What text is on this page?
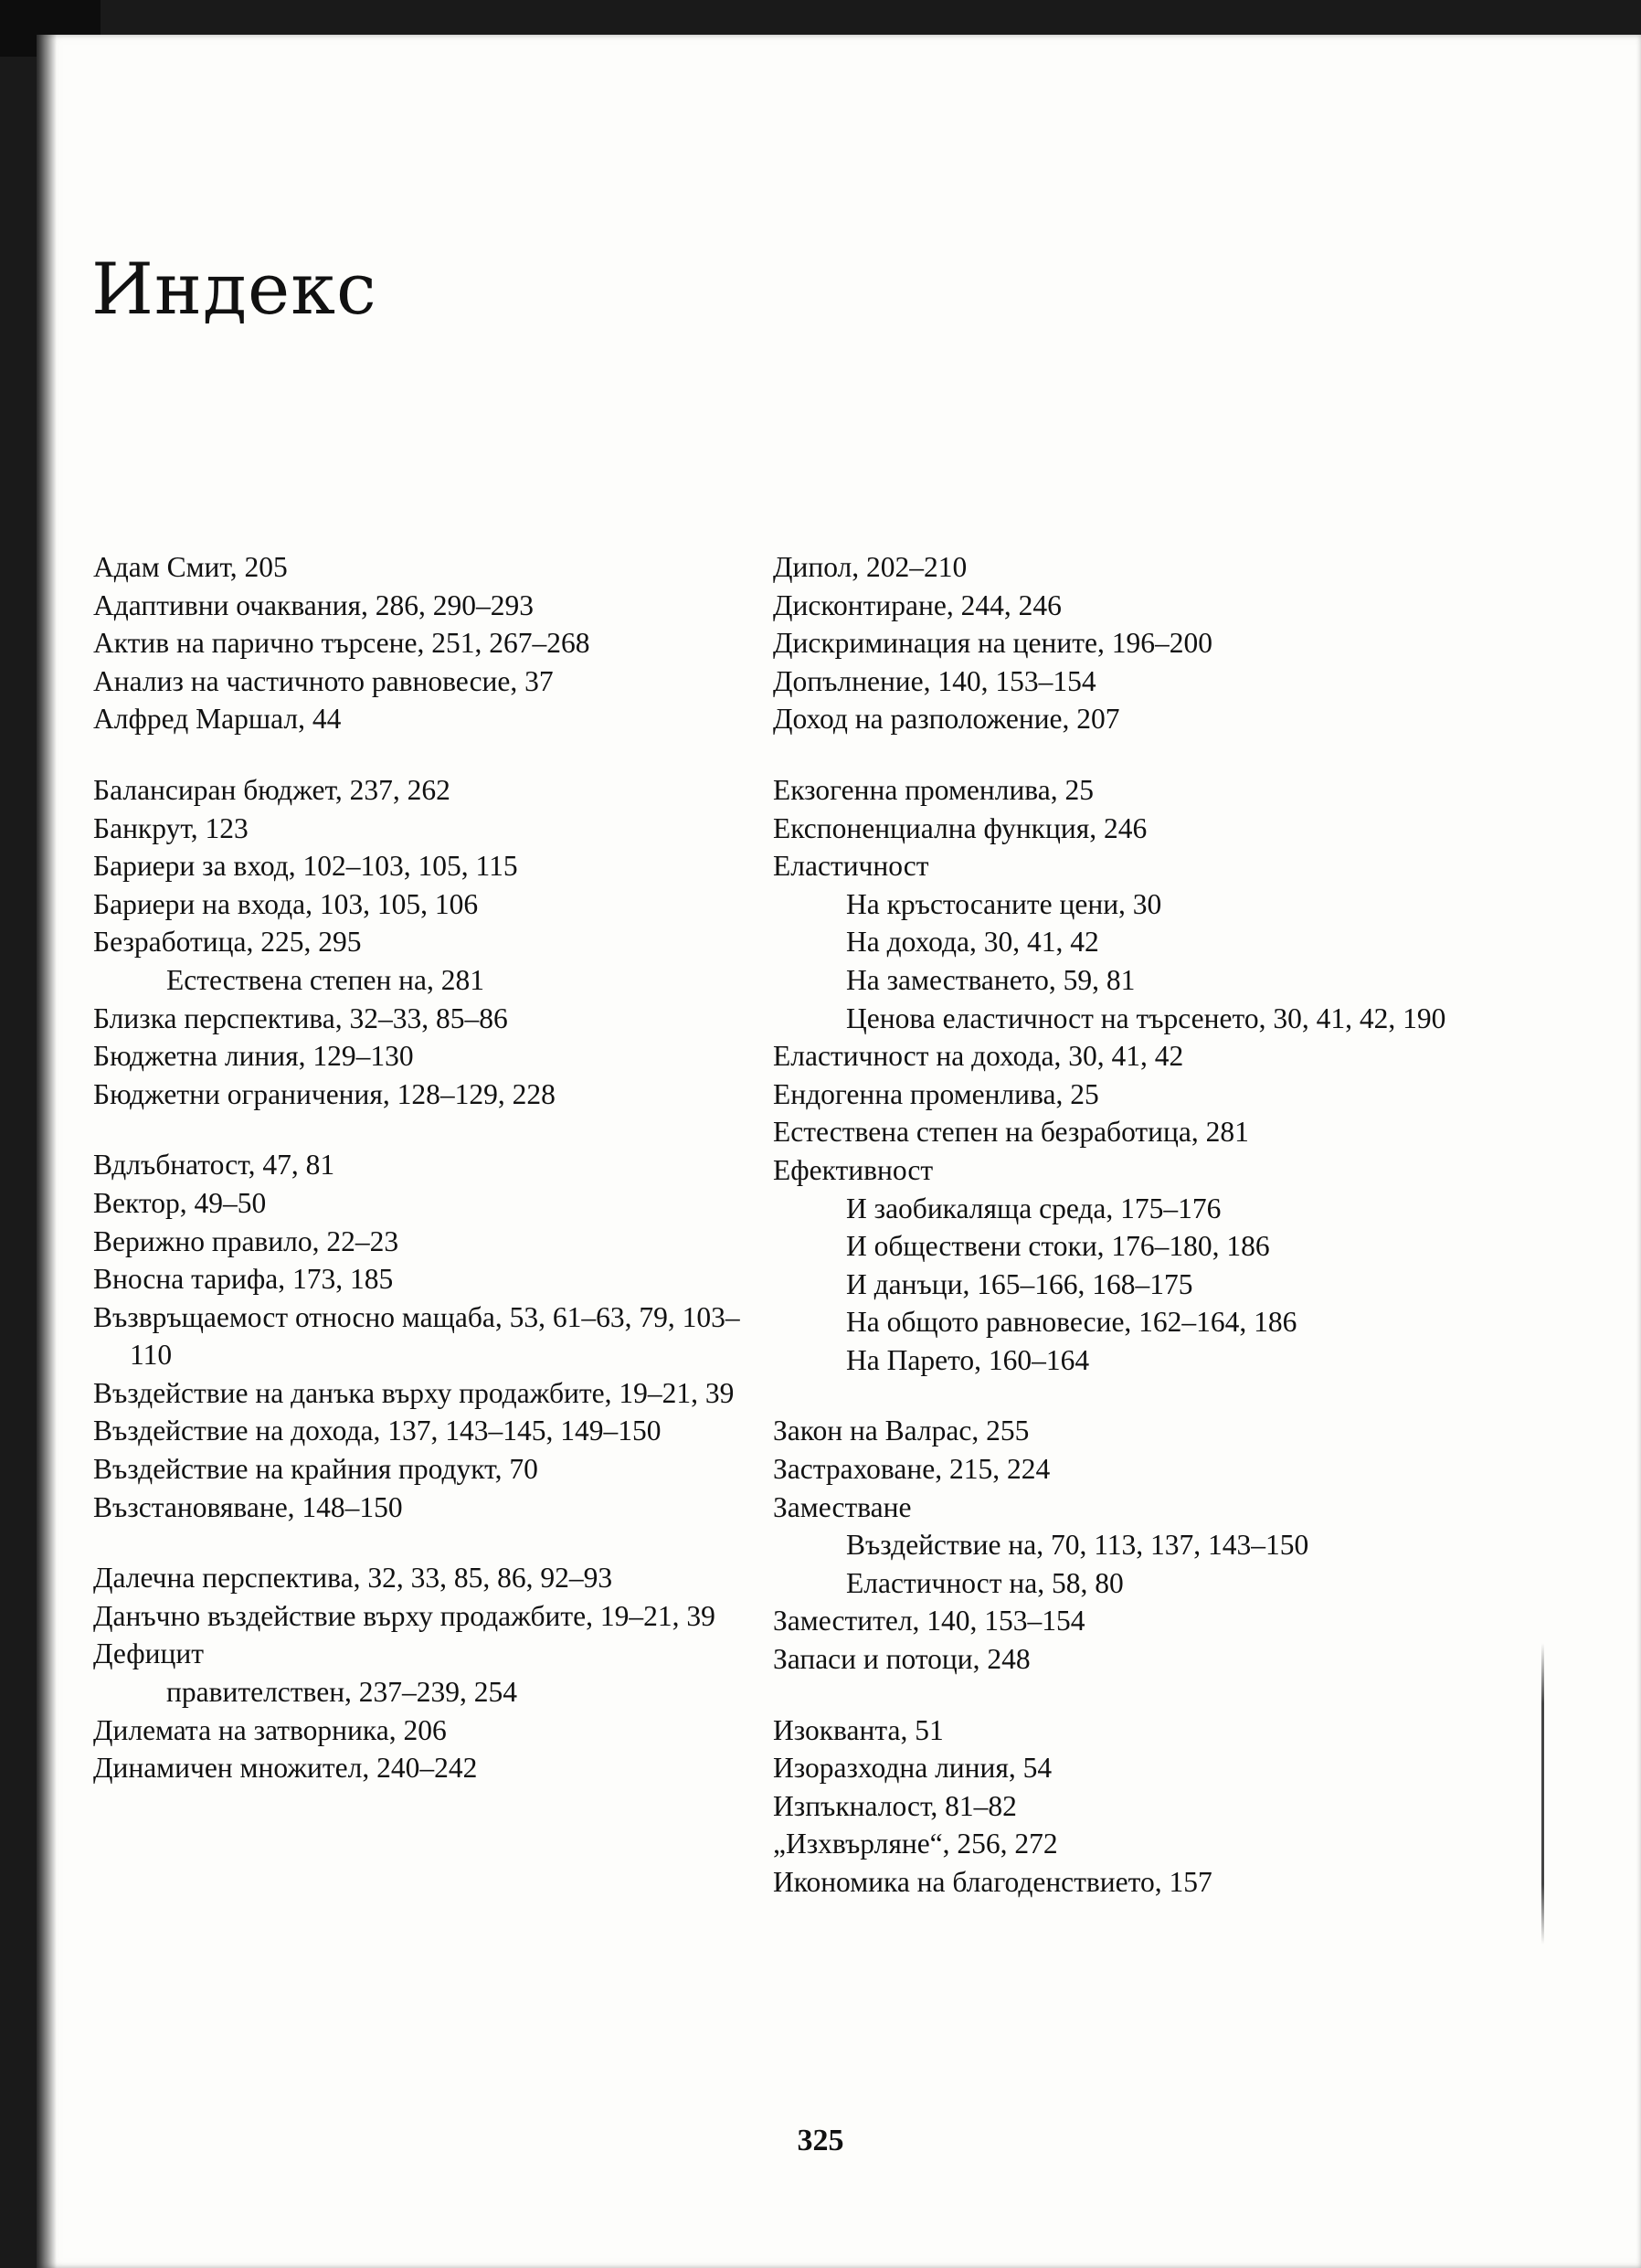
Индекс
Адам Смит, 205
Адаптивни очаквания, 286, 290–293
Актив на парично търсене, 251, 267–268
Анализ на частичното равновесие, 37
Алфред Маршал, 44
Балансиран бюджет, 237, 262
Банкрут, 123
Бариери за вход, 102–103, 105, 115
Бариери на входа, 103, 105, 106
Безработица, 225, 295
Естествена степен на, 281
Близка перспектива, 32–33, 85–86
Бюджетна линия, 129–130
Бюджетни ограничения, 128–129, 228
Вдлъбнатост, 47, 81
Вектор, 49–50
Верижно правило, 22–23
Вносна тарифа, 173, 185
Възвръщаемост относно мащаба, 53, 61–63, 79, 103–110
Въздействие на данъка върху продажбите, 19–21, 39
Въздействие на дохода, 137, 143–145, 149–150
Въздействие на крайния продукт, 70
Възстановяване, 148–150
Далечна перспектива, 32, 33, 85, 86, 92–93
Данъчно въздействие върху продажбите, 19–21, 39
Дефицит
правителствен, 237–239, 254
Дилемата на затворника, 206
Динамичен множител, 240–242
Дипол, 202–210
Дисконтиране, 244, 246
Дискриминация на цените, 196–200
Допълнение, 140, 153–154
Доход на разположение, 207
Екзогенна променлива, 25
Експоненциална функция, 246
Еластичност
На кръстосаните цени, 30
На дохода, 30, 41, 42
На заместването, 59, 81
Ценова еластичност на търсенето, 30, 41, 42, 190
Еластичност на дохода, 30, 41, 42
Ендогенна променлива, 25
Естествена степен на безработица, 281
Ефективност
И заобикаляща среда, 175–176
И обществени стоки, 176–180, 186
И данъци, 165–166, 168–175
На общото равновесие, 162–164, 186
На Парето, 160–164
Закон на Валрас, 255
Застраховане, 215, 224
Заместване
Въздействие на, 70, 113, 137, 143–150
Еластичност на, 58, 80
Заместител, 140, 153–154
Запаси и потоци, 248
Изокванта, 51
Изоразходна линия, 54
Изпъкналост, 81–82
„Изхвърляне“, 256, 272
Икономика на благоденствието, 157
325
